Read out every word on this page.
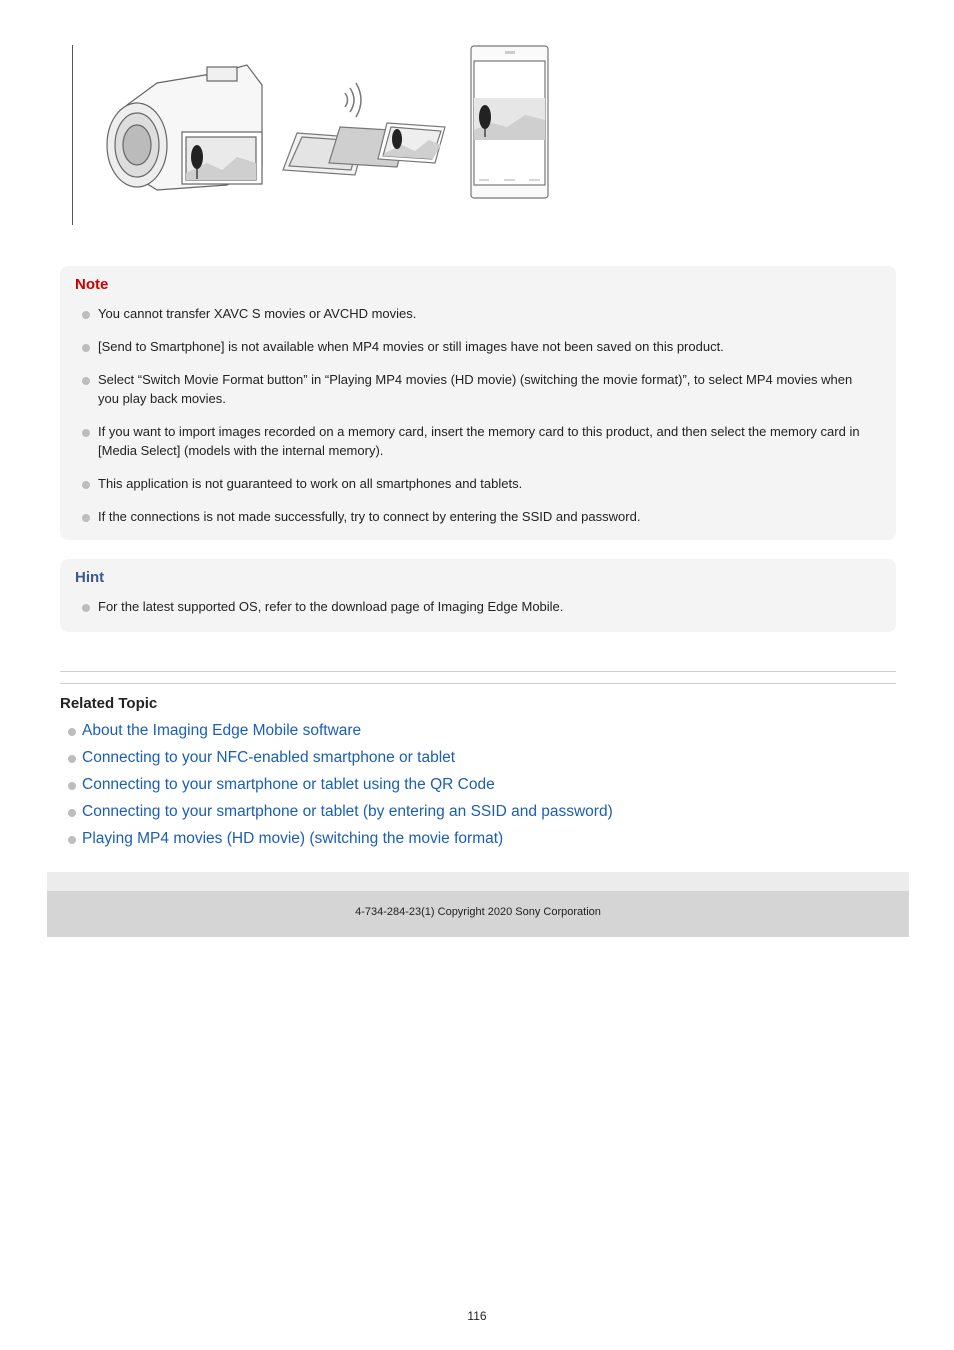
Note
You cannot transfer XAVC S movies or AVCHD movies.
[Send to Smartphone] is not available when MP4 movies or still images have not been saved on this product.
Select “Switch Movie Format button” in “Playing MP4 movies (HD movie) (switching the movie format)”, to select MP4 movies when you play back movies.
If you want to import images recorded on a memory card, insert the memory card to this product, and then select the memory card in [Media Select] (models with the internal memory).
This application is not guaranteed to work on all smartphones and tablets.
If the connections is not made successfully, try to connect by entering the SSID and password.
Hint
For the latest supported OS, refer to the download page of Imaging Edge Mobile.
Related Topic
About the Imaging Edge Mobile software
Connecting to your NFC-enabled smartphone or tablet
Connecting to your smartphone or tablet using the QR Code
Connecting to your smartphone or tablet (by entering an SSID and password)
Playing MP4 movies (HD movie) (switching the movie format)
4-734-284-23(1) Copyright 2020 Sony Corporation
116
